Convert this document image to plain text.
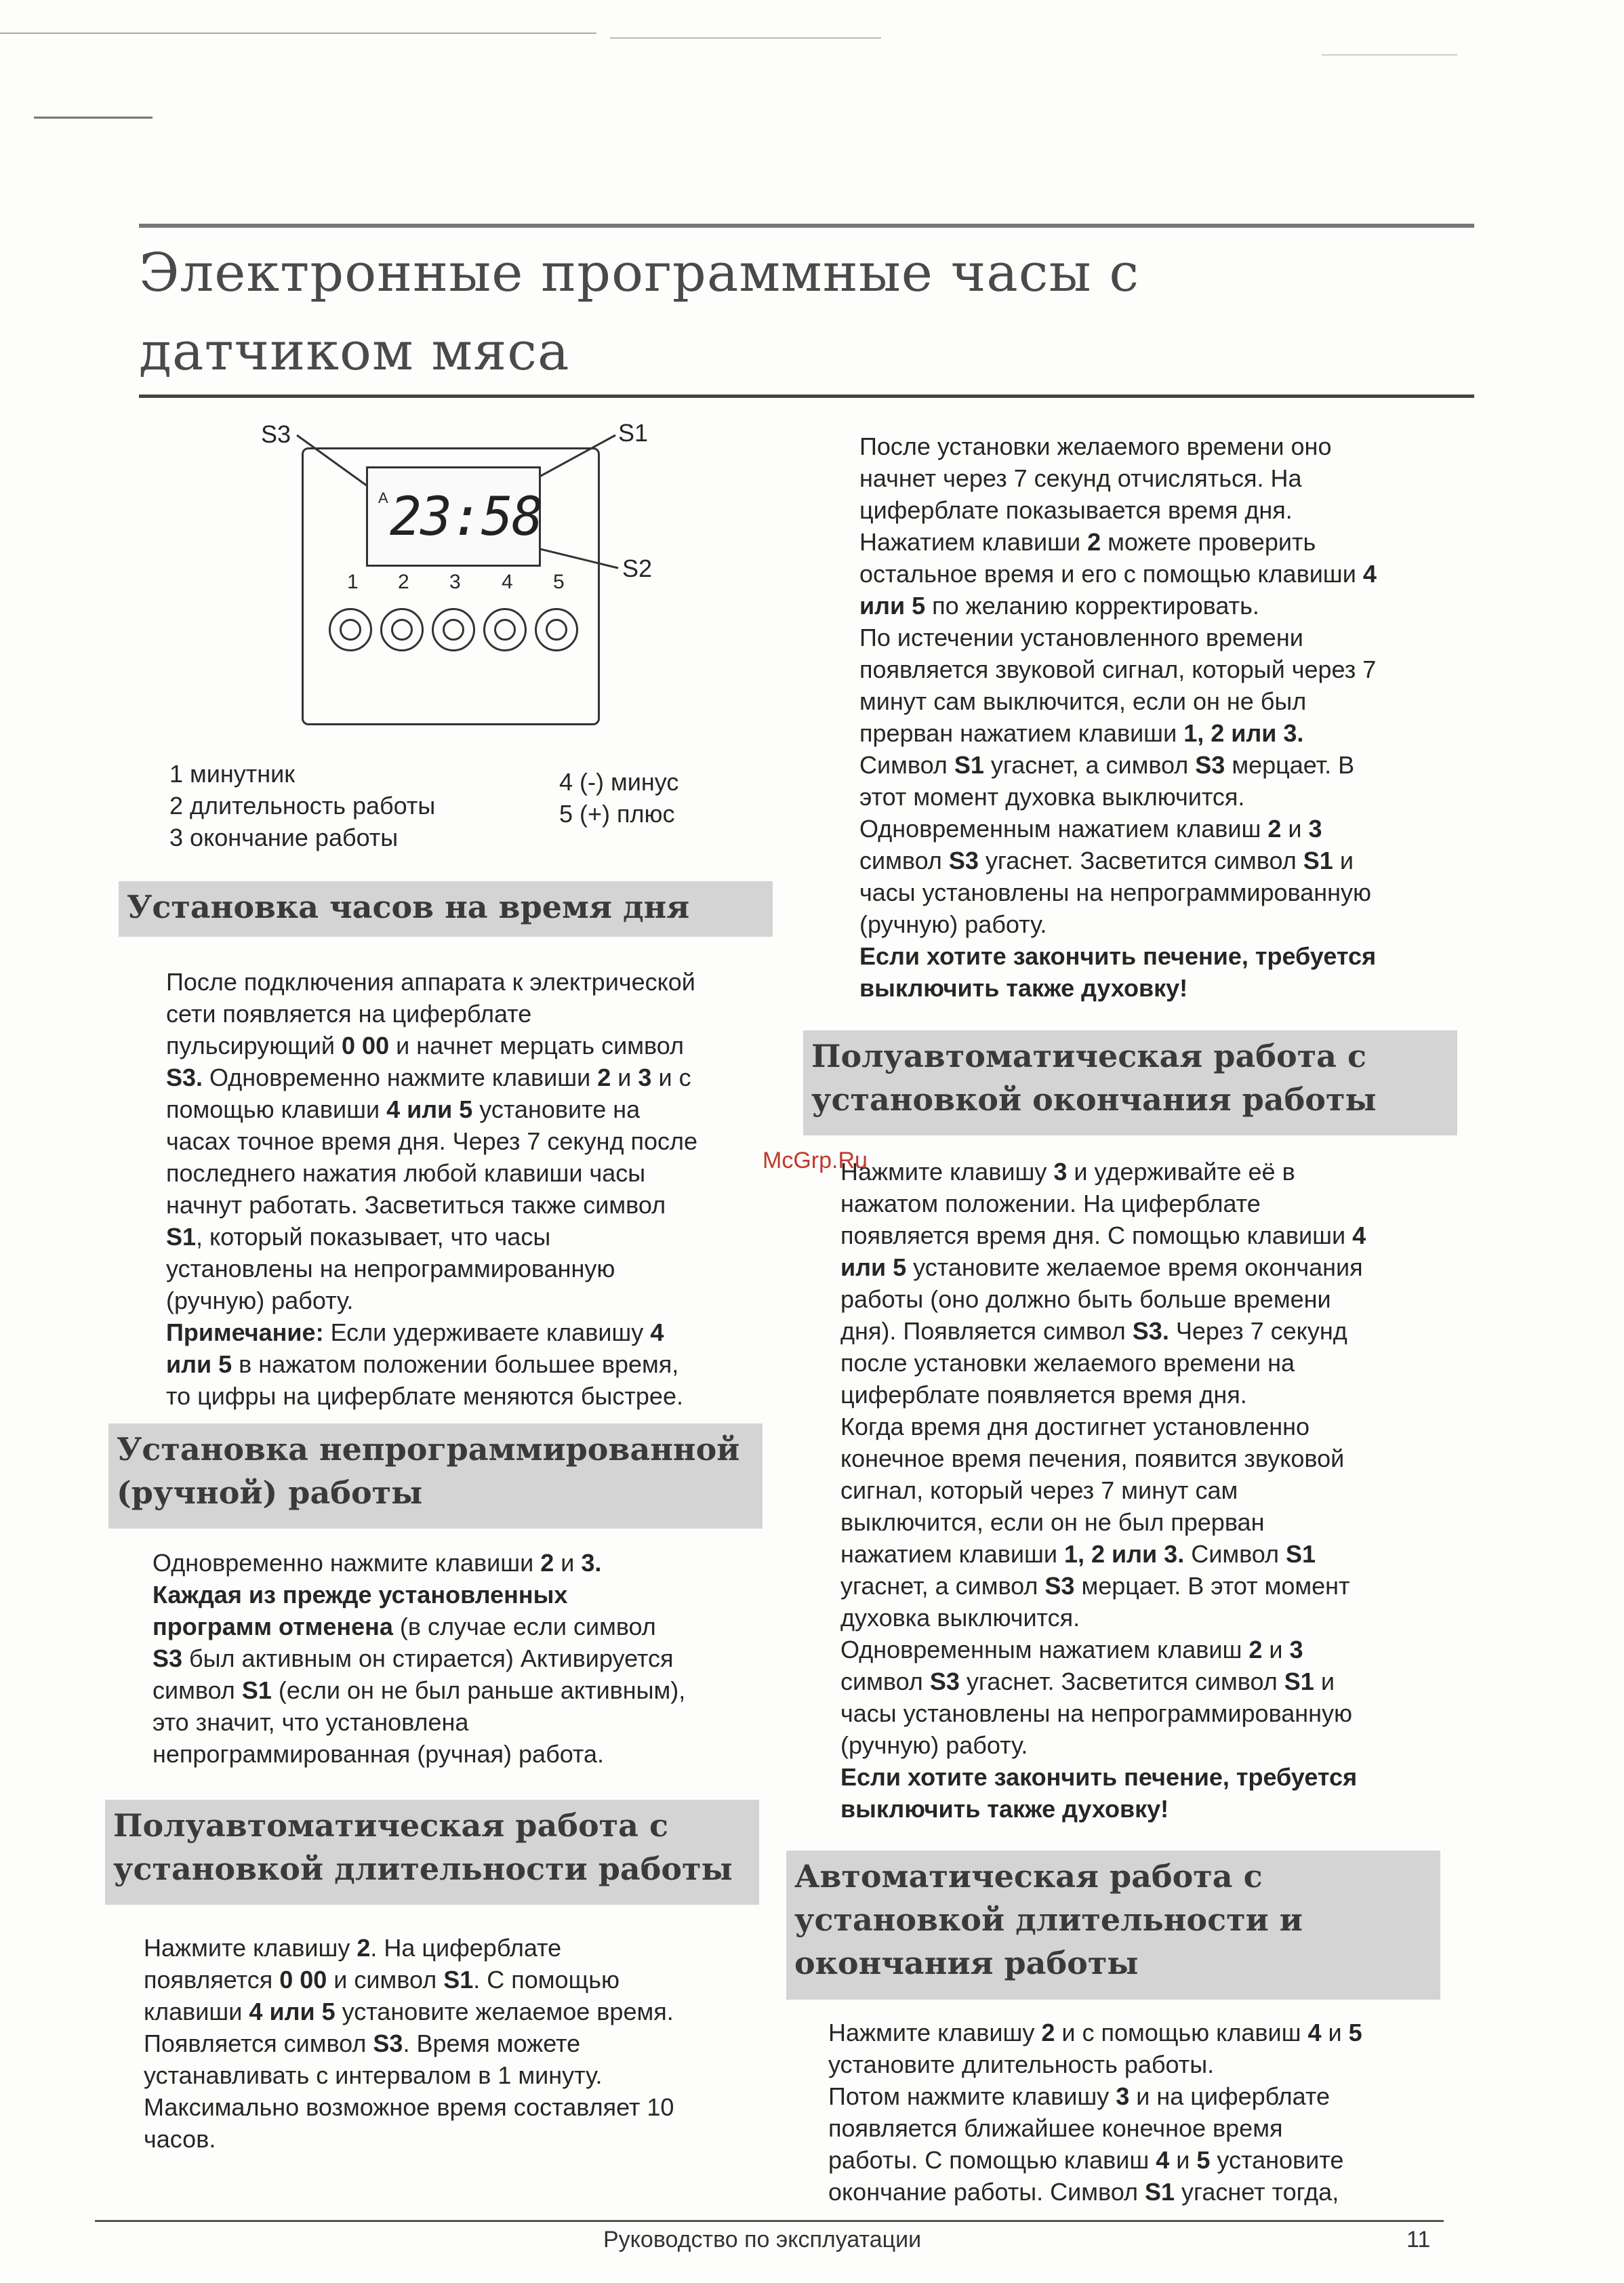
Электронные программные часы с
датчиком мяса
S3	S1
S2
A 23:58
1 2 3 4 5
1 минутник
2 длительность работы
3 окончание работы
4 (-) минус
5 (+) плюс
Установка часов на время дня
После подключения аппарата к электрической
сети появляется на циферблате
пульсирующий 0 00 и начнет мерцать символ
S3. Одновременно нажмите клавиши 2 и 3 и с
помощью клавиши 4 или 5 установите на
часах точное время дня. Через 7 секунд после
последнего нажатия любой клавиши часы
начнут работать. Засветиться также символ
S1, который показывает, что часы
установлены на непрограммированную
(ручную) работу.
Примечание: Если удерживаете клавишу 4
или 5 в нажатом положении большее время,
то цифры на циферблате меняются быстрее.
Установка непрограммированной
(ручной) работы
Одновременно нажмите клавиши 2 и 3.
Каждая из прежде установленных
программ отменена (в случае если символ
S3 был активным он стирается) Активируется
символ S1 (если он не был раньше активным),
это значит, что установлена
непрограммированная (ручная) работа.
Полуавтоматическая работа с
установкой длительности работы
Нажмите клавишу 2. На циферблате
появляется 0 00 и символ S1. С помощью
клавиши 4 или 5 установите желаемое время.
Появляется символ S3. Время можете
устанавливать с интервалом в 1 минуту.
Максимально возможное время составляет 10
часов.
После установки желаемого времени оно
начнет через 7 секунд отчисляться. На
циферблате показывается время дня.
Нажатием клавиши 2 можете проверить
остальное время и его с помощью клавиши 4
или 5 по желанию корректировать.
По истечении установленного времени
появляется звуковой сигнал, который через 7
минут сам выключится, если он не был
прерван нажатием клавиши 1, 2 или 3.
Символ S1 угаснет, а символ S3 мерцает. В
этот момент духовка выключится.
Одновременным нажатием клавиш 2 и 3
символ S3 угаснет. Засветится символ S1 и
часы установлены на непрограммированную
(ручную) работу.
Если хотите закончить печение, требуется
выключить также духовку!
Полуавтоматическая работа с
установкой окончания работы
Нажмите клавишу 3 и удерживайте её в
нажатом положении. На циферблате
появляется время дня. С помощью клавиши 4
или 5 установите желаемое время окончания
работы (оно должно быть больше времени
дня). Появляется символ S3. Через 7 секунд
после установки желаемого времени на
циферблате появляется время дня.
Когда время дня достигнет установленно
конечное время печения, появится звуковой
сигнал, который через 7 минут сам
выключится, если он не был прерван
нажатием клавиши 1, 2 или 3. Символ S1
угаснет, а символ S3 мерцает. В этот момент
духовка выключится.
Одновременным нажатием клавиш 2 и 3
символ S3 угаснет. Засветится символ S1 и
часы установлены на непрограммированную
(ручную) работу.
Если хотите закончить печение, требуется
выключить также духовку!
Автоматическая работа с
установкой длительности и
окончания работы
Нажмите клавишу 2 и с помощью клавиш 4 и 5
установите длительность работы.
Потом нажмите клавишу 3 и на циферблате
появляется ближайшее конечное время
работы. С помощью клавиш 4 и 5 установите
окончание работы. Символ S1 угаснет тогда,
McGrp.Ru
Руководство по эксплуатации	11
